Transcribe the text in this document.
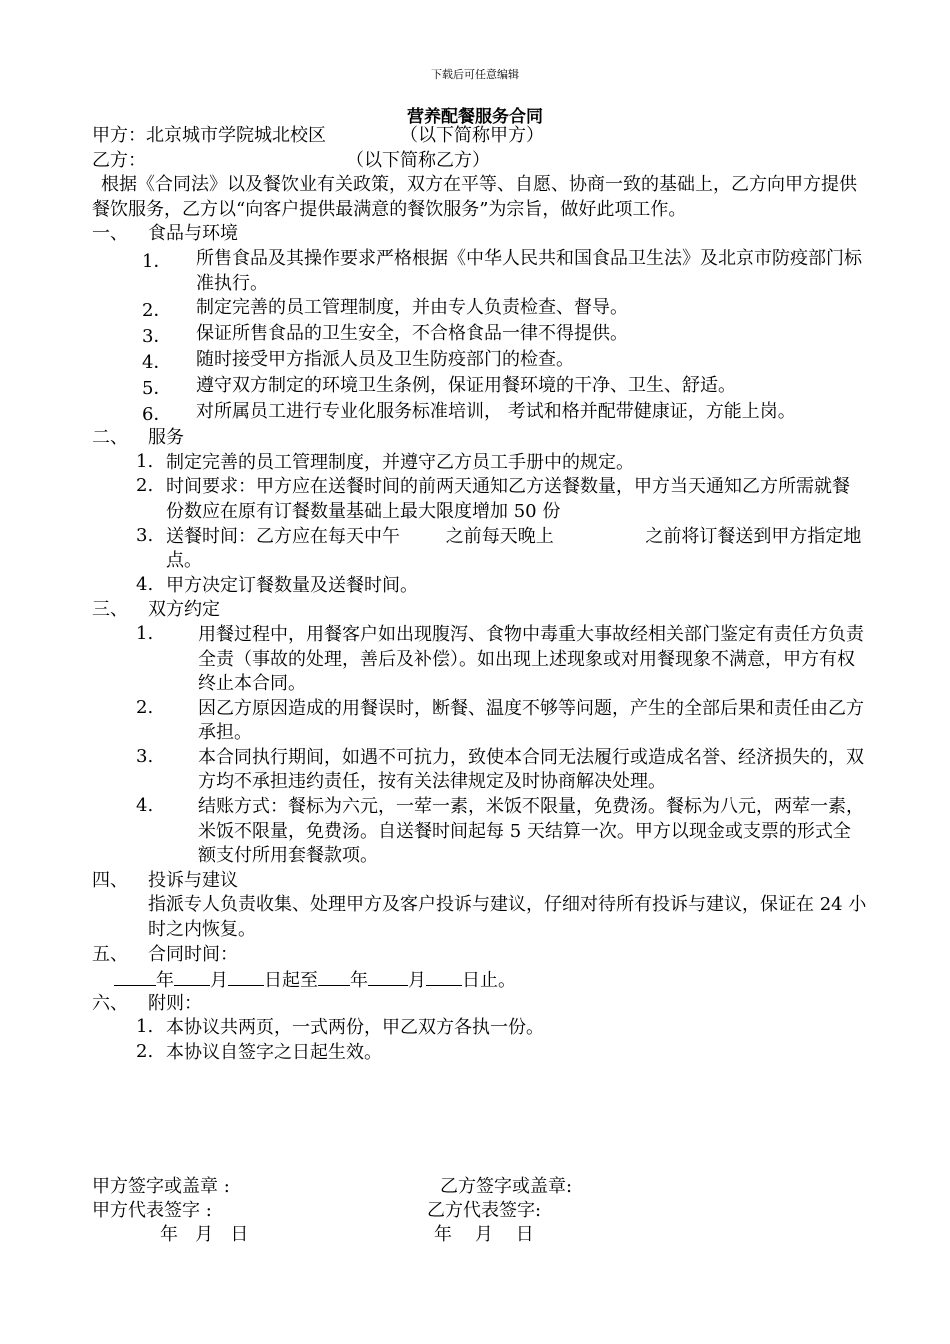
下载后可任意编辑
营养配餐服务合同
甲方：北京城市学院城北校区	（以下简称甲方）
乙方：	（以下简称乙方）
根据《合同法》以及餐饮业有关政策，双方在平等、自愿、协商一致的基础上，乙方向甲方提供餐饮服务，乙方以“向客户提供最满意的餐饮服务”为宗旨，做好此项工作。
一、	食品与环境
1．	所售食品及其操作要求严格根据《中华人民共和国食品卫生法》及北京市防疫部门标准执行。
2．	制定完善的员工管理制度，并由专人负责检查、督导。
3．	保证所售食品的卫生安全，不合格食品一律不得提供。
4．	随时接受甲方指派人员及卫生防疫部门的检查。
5．	遵守双方制定的环境卫生条例，保证用餐环境的干净、卫生、舒适。
6．	对所属员工进行专业化服务标准培训， 考试和格并配带健康证，方能上岗。
二、	服务
1. 制定完善的员工管理制度，并遵守乙方员工手册中的规定。
2. 时间要求：甲方应在送餐时间的前两天通知乙方送餐数量，甲方当天通知乙方所需就餐份数应在原有订餐数量基础上最大限度增加 50 份
3. 送餐时间：乙方应在每天中午        之前每天晚上                之前将订餐送到甲方指定地点。
4. 甲方决定订餐数量及送餐时间。
三、	双方约定
1.	用餐过程中，用餐客户如出现腹泻、食物中毒重大事故经相关部门鉴定有责任方负责全责（事故的处理，善后及补偿）。如出现上述现象或对用餐现象不满意，甲方有权终止本合同。
2.	因乙方原因造成的用餐误时，断餐、温度不够等问题，产生的全部后果和责任由乙方承担。
3.	本合同执行期间，如遇不可抗力，致使本合同无法履行或造成名誉、经济损失的，双方均不承担违约责任，按有关法律规定及时协商解决处理。
4.	结账方式：餐标为六元，一荤一素，米饭不限量，免费汤。餐标为八元，两荤一素，米饭不限量，免费汤。自送餐时间起每 5 天结算一次。甲方以现金或支票的形式全额支付所用套餐款项。
四、	投诉与建议
指派专人负责收集、处理甲方及客户投诉与建议，仔细对待所有投诉与建议，保证在 24 小时之内恢复。
五、	合同时间：
年 月 日起至 年 月 日止。
六、	附则：
1. 本协议共两页，一式两份，甲乙双方各执一份。
2. 本协议自签字之日起生效。
甲方签字或盖章 :	乙方签字或盖章:
甲方代表签字 :	乙方代表签字:
年   月   日	年    月    日
